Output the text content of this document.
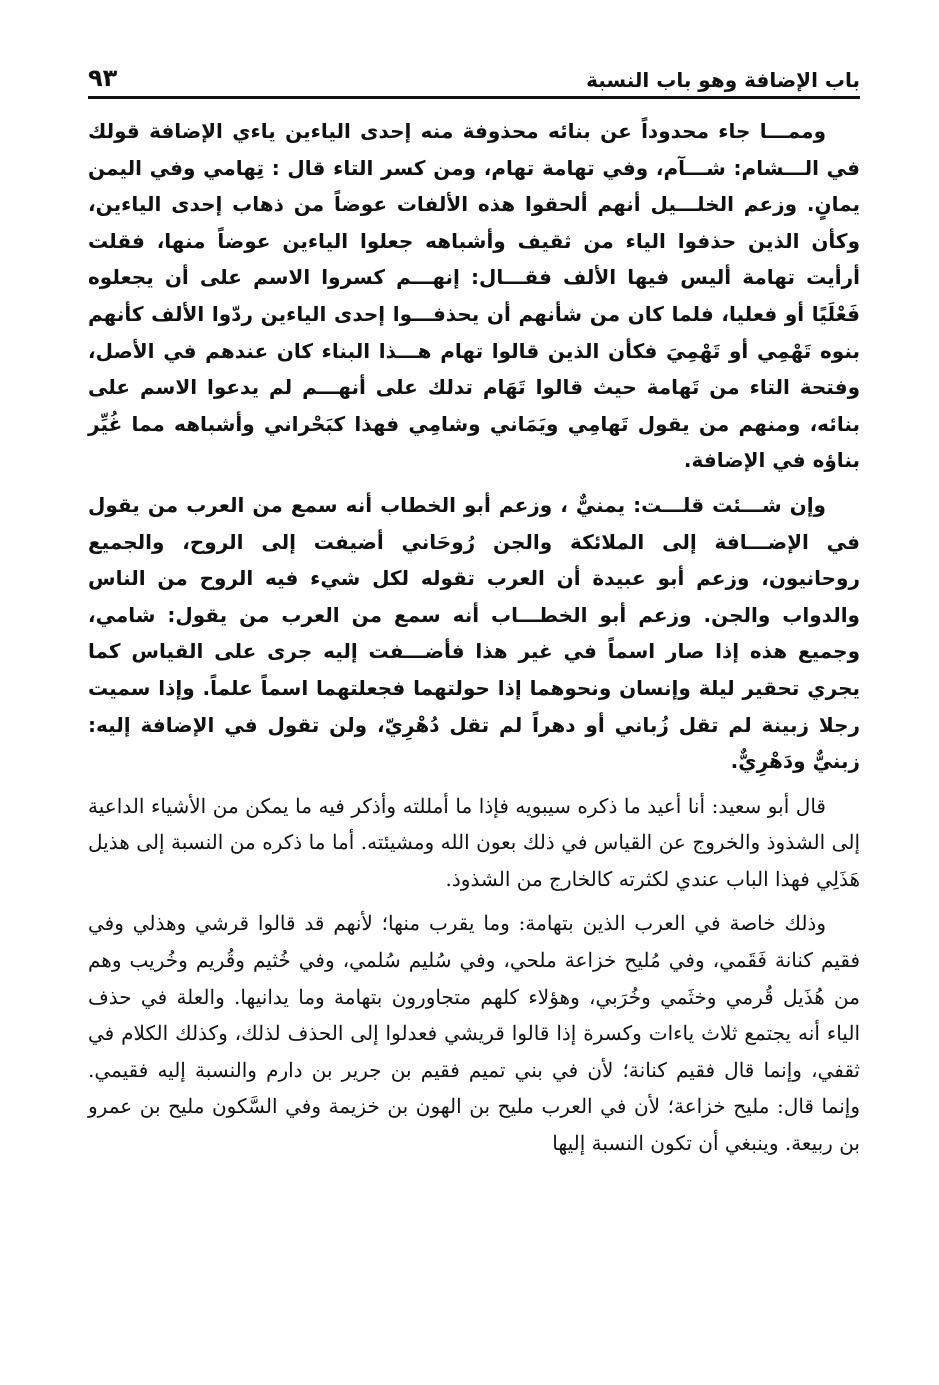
باب الإضافة وهو باب النسبة
٩٣

وممـــا جاء محدوداً عن بنائه محذوفة منه إحدى الياءين ياءي الإضافة قولك في الـــشام: شـــآم، وفي تهامة تهام، ومن كسر التاء قال : تِهامي وفي اليمن يمانٍ. وزعم الخلـــيل أنهم ألحقوا هذه الألفات عوضاً من ذهاب إحدى الياءين، وكأن الذين حذفوا الياء من ثقيف وأشباهه جعلوا الياءين عوضاً منها، فقلت أرأيت تهامة أليس فيها الألف فقـــال: إنهـــم كسروا الاسم على أن يجعلوه فَعْلَيًا أو فعليا، فلما كان من شأنهم أن يحذفـــوا إحدى الياءين ردّوا الألف كأنهم بنوه تَهْمِي أو تَهْمِيَ فكأن الذين قالوا تهام هـــذا البناء كان عندهم في الأصل، وفتحة التاء من تَهامة حيث قالوا تَهَام تدلك على أنهـــم لم يدعوا الاسم على بنائه، ومنهم من يقول تَهامِي ويَمَاني وشامِي فهذا كبَحْراني وأشباهه مما غُيِّر بناؤه في الإضافة.

وإن شـــئت قلـــت: يمنيٌّ ، وزعم أبو الخطاب أنه سمع من العرب من يقول في الإضـــافة إلى الملائكة والجن رُوحَاني أضيفت إلى الروح، والجميع روحانيون، وزعم أبو عبيدة أن العرب تقوله لكل شيء فيه الروح من الناس والدواب والجن. وزعم أبو الخطـــاب أنه سمع من العرب من يقول: شامي، وجميع هذه إذا صار اسماً في غير هذا فأضـــفت إليه جرى على القياس كما يجري تحقير ليلة وإنسان ونحوهما إذا حولتهما فجعلتهما اسماً علماً. وإذا سميت رجلا زبينة لم تقل زُباني أو دهراً لم تقل دُهْرِيّ، ولن تقول في الإضافة إليه: زبنيٌّ ودَهْرِيٌّ.

قال أبو سعيد: أنا أعيد ما ذكره سيبويه فإذا ما أمللته وأذكر فيه ما يمكن من الأشياء الداعية إلى الشذوذ والخروج عن القياس في ذلك بعون الله ومشيئته. أما ما ذكره من النسبة إلى هذيل هَذَلِي فهذا الباب عندي لكثرته كالخارج من الشذوذ.

وذلك خاصة في العرب الذين بتهامة: وما يقرب منها؛ لأنهم قد قالوا قرشي وهذلي وفي فقيم كنانة فَقَمي، وفي مُليح خزاعة ملحي، وفي سُليم سُلمي، وفي خُثيم وقُريم وخُريب وهم من هُذَيل قُرمي وخثَمي وخُرَبي، وهؤلاء كلهم متجاورون بتهامة وما يدانيها. والعلة في حذف الياء أنه يجتمع ثلاث ياءات وكسرة إذا قالوا قريشي فعدلوا إلى الحذف لذلك، وكذلك الكلام في ثقفي، وإنما قال فقيم كنانة؛ لأن في بني تميم فقيم بن جرير بن دارم والنسبة إليه فقيمي. وإنما قال: مليح خزاعة؛ لأن في العرب مليح بن الهون بن خزيمة وفي السَّكون مليح بن عمرو بن ربيعة. وينبغي أن تكون النسبة إليها
